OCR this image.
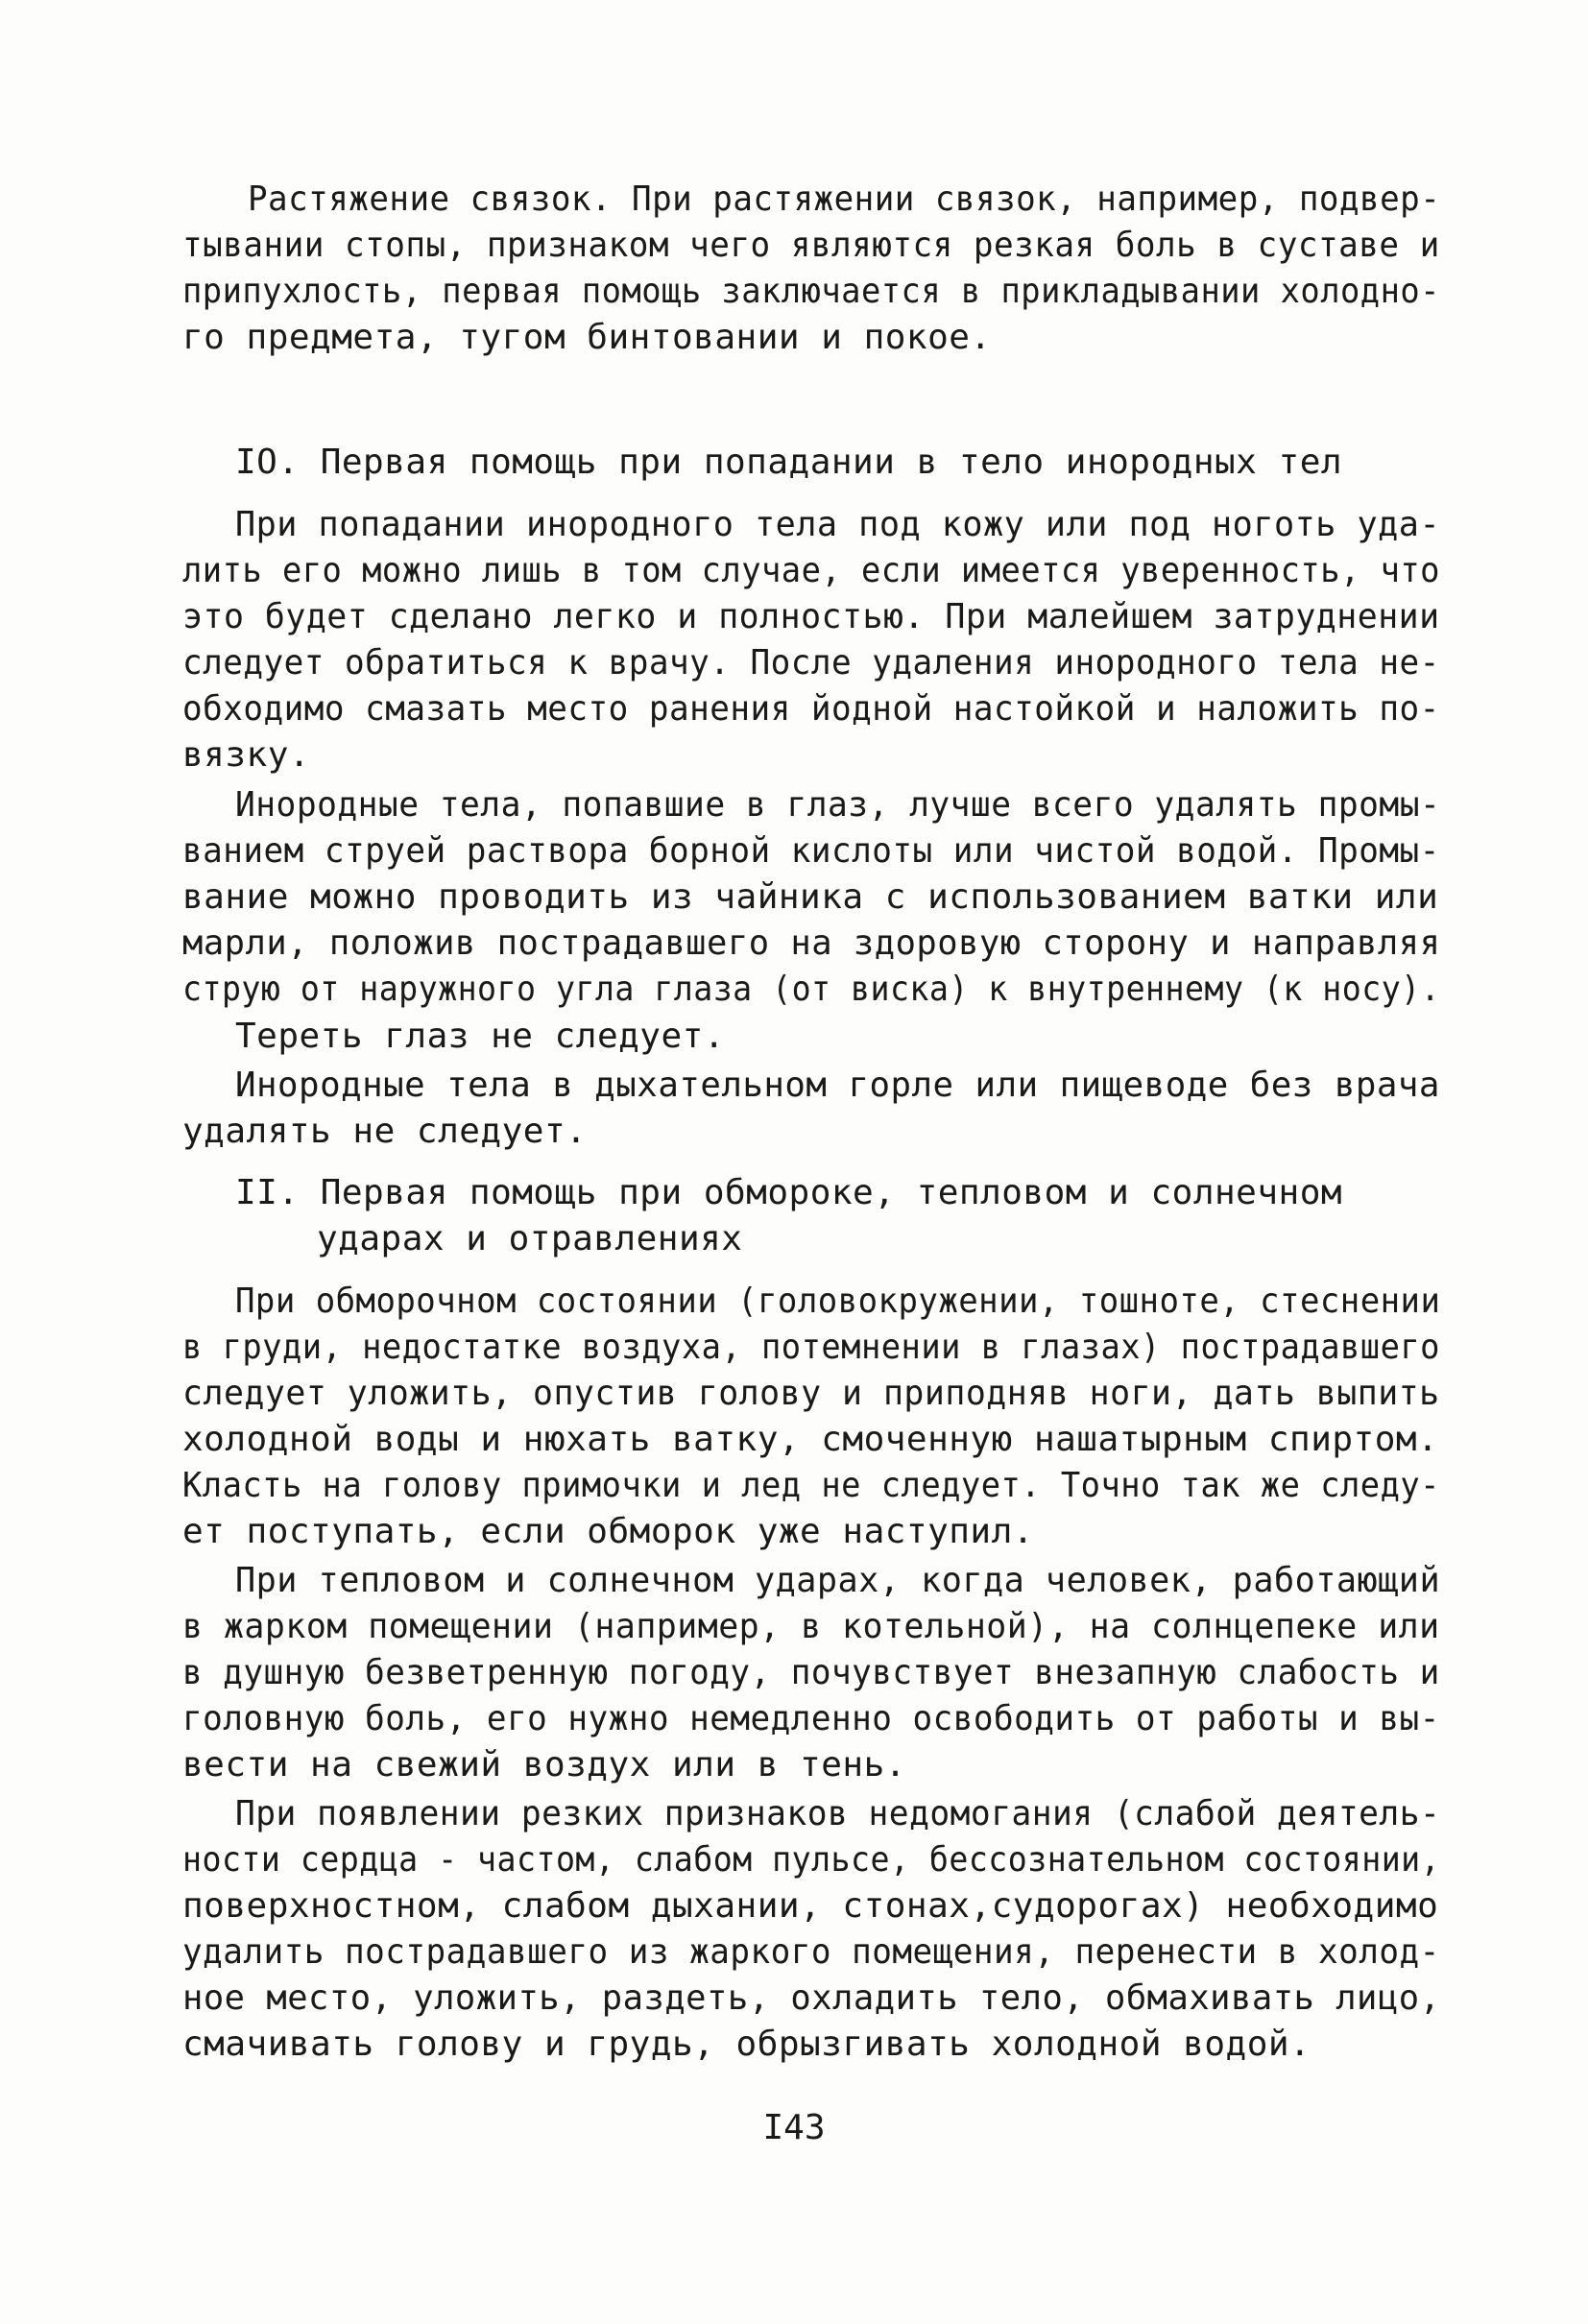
Растяжение связок. При растяжении связок, например, подвер-
тывании стопы, признаком чего являются резкая боль в суставе и
припухлость, первая помощь заключается в прикладывании холодно-
го предмета, тугом бинтовании и покое.
IO. Первая помощь при попадании в тело инородных тел
При попадании инородного тела под кожу или под ноготь уда-
лить его можно лишь в том случае, если имеется уверенность, что
это будет сделано легко и полностью. При малейшем затруднении
следует обратиться к врачу. После удаления инородного тела не-
обходимо смазать место ранения йодной настойкой и наложить по-
вязку.
Инородные тела, попавшие в глаз, лучше всего удалять промы-
ванием струей раствора борной кислоты или чистой водой. Промы-
вание можно проводить из чайника с использованием ватки или
марли, положив пострадавшего на здоровую сторону и направляя
струю от наружного угла глаза (от виска) к внутреннему (к носу).
Тереть глаз не следует.
Инородные тела в дыхательном горле или пищеводе без врача
удалять не следует.
II. Первая помощь при обмороке, тепловом и солнечном
ударах и отравлениях
При обморочном состоянии (головокружении, тошноте, стеснении
в груди, недостатке воздуха, потемнении в глазах) пострадавшего
следует уложить, опустив голову и приподняв ноги, дать выпить
холодной воды и нюхать ватку, смоченную нашатырным спиртом.
Класть на голову примочки и лед не следует. Точно так же следу-
ет поступать, если обморок уже наступил.
При тепловом и солнечном ударах, когда человек, работающий
в жарком помещении (например, в котельной), на солнцепеке или
в душную безветренную погоду, почувствует внезапную слабость и
головную боль, его нужно немедленно освободить от работы и вы-
вести на свежий воздух или в тень.
При появлении резких признаков недомогания (слабой деятель-
ности сердца - частом, слабом пульсе, бессознательном состоянии,
поверхностном, слабом дыхании, стонах,судорогах) необходимо
удалить пострадавшего из жаркого помещения, перенести в холод-
ное место, уложить, раздеть, охладить тело, обмахивать лицо,
смачивать голову и грудь, обрызгивать холодной водой.
I43
